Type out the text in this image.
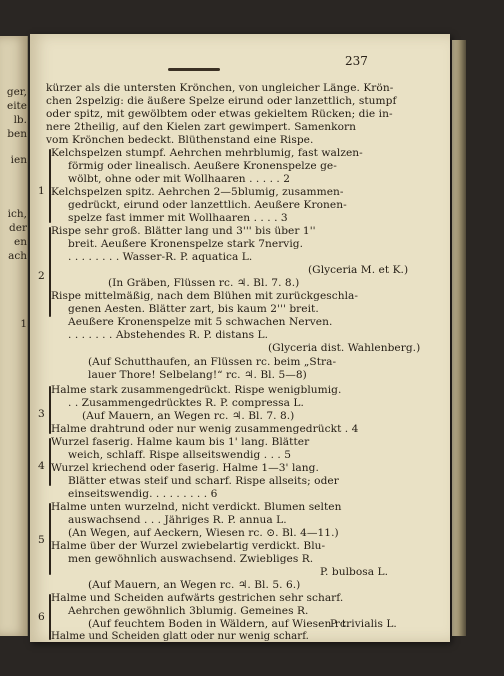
ger,
eite
lb.
ben
ien
ich,
der
en
ach
1
237
kürzer als die untersten Krönchen, von ungleicher Länge. Krön-
chen 2spelzig: die äußere Spelze eirund oder lanzettlich, stumpf
oder spitz, mit gewölbtem oder etwas gekieltem Rücken; die in-
nere 2theilig, auf den Kielen zart gewimpert. Samenkorn
vom Krönchen bedeckt. Blüthenstand eine Rispe.
Kelchspelzen stumpf. Aehrchen mehrblumig, fast walzen-
förmig oder linealisch. Aeußere Kronenspelze ge-
wölbt, ohne oder mit Wollhaaren . . . . . 2
Kelchspelzen spitz. Aehrchen 2—5blumig, zusammen-
gedrückt, eirund oder lanzettlich. Aeußere Kronen-
spelze fast immer mit Wollhaaren . . . . 3
Rispe sehr groß. Blätter lang und 3''' bis über 1''
breit. Aeußere Kronenspelze stark 7nervig.
. . . . . . . . Wasser-R. P. aquatica L.
(Glyceria M. et K.)
(In Gräben, Flüssen rc. ♃. Bl. 7. 8.)
Rispe mittelmäßig, nach dem Blühen mit zurückgeschla-
genen Aesten. Blätter zart, bis kaum 2''' breit.
Aeußere Kronenspelze mit 5 schwachen Nerven.
. . . . . . . Abstehendes R. P. distans L.
(Glyceria dist. Wahlenberg.)
(Auf Schutthaufen, an Flüssen rc. beim „Stra-
lauer Thore! Selbelang!“ rc. ♃. Bl. 5—8)
Halme stark zusammengedrückt. Rispe wenigblumig.
. . Zusammengedrücktes R. P. compressa L.
(Auf Mauern, an Wegen rc. ♃. Bl. 7. 8.)
Halme drahtrund oder nur wenig zusammengedrückt . 4
Wurzel faserig. Halme kaum bis 1' lang. Blätter
weich, schlaff. Rispe allseitswendig . . . 5
Wurzel kriechend oder faserig. Halme 1—3' lang.
Blätter etwas steif und scharf. Rispe allseits; oder
einseitswendig. . . . . . . . . 6
Halme unten wurzelnd, nicht verdickt. Blumen selten
auswachsend . . . Jähriges R. P. annua L.
(An Wegen, auf Aeckern, Wiesen rc. ⊙. Bl. 4—11.)
Halme über der Wurzel zwiebelartig verdickt. Blu-
men gewöhnlich auswachsend. Zwiebliges R.
P. bulbosa L.
(Auf Mauern, an Wegen rc. ♃. Bl. 5. 6.)
Halme und Scheiden aufwärts gestrichen sehr scharf.
Aehrchen gewöhnlich 3blumig. Gemeines R.
P. trivialis L.
Halme und Scheiden glatt oder nur wenig scharf.
1
2
3
4
5
6
(Auf feuchtem Boden in Wäldern, auf Wiesen rc.
